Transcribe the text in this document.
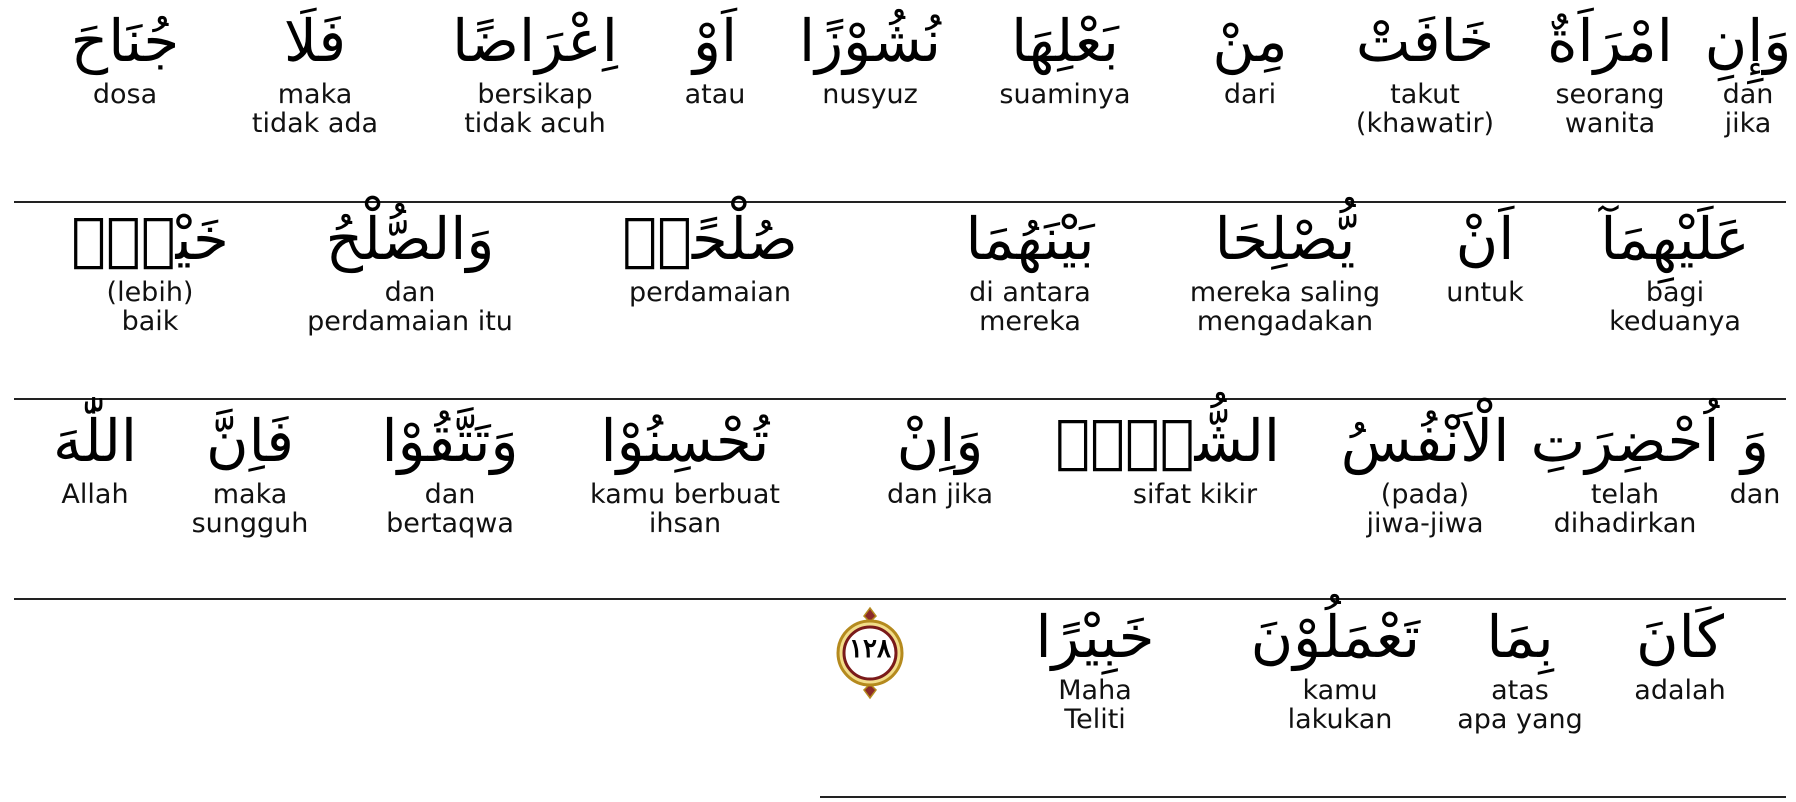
وَإِنِ
dan
jika
امْرَاَةٌ
seorang
wanita
خَافَتْ
takut
(khawatir)
مِنْ
dari
بَعْلِهَا
suaminya
نُشُوْزًا
nusyuz
اَوْ
atau
اِعْرَاضًا
bersikap
tidak acuh
فَلَا
maka
tidak ada
جُنَاحَ
dosa
عَلَيْهِمَآ
bagi
keduanya
اَنْ
untuk
يُّصْلِحَا
mereka saling
mengadakan
بَيْنَهُمَا
di antara
mereka
صُلْحًاۗ
perdamaian
وَالصُّلْحُ
dan
perdamaian itu
خَيْرٌۗ
(lebih)
baik
وَ
dan
اُحْضِرَتِ
telah
dihadirkan
الْاَنْفُسُ
(pada)
jiwa-jiwa
الشُّحَّۗ
sifat kikir
وَاِنْ
dan jika
تُحْسِنُوْا
kamu berbuat
ihsan
وَتَتَّقُوْا
dan
bertaqwa
فَاِنَّ
maka
sungguh
اللّٰهَ
Allah
كَانَ
adalah
بِمَا
atas
apa yang
تَعْمَلُوْنَ
kamu
lakukan
خَبِيْرًا
Maha
Teliti
١٢٨
